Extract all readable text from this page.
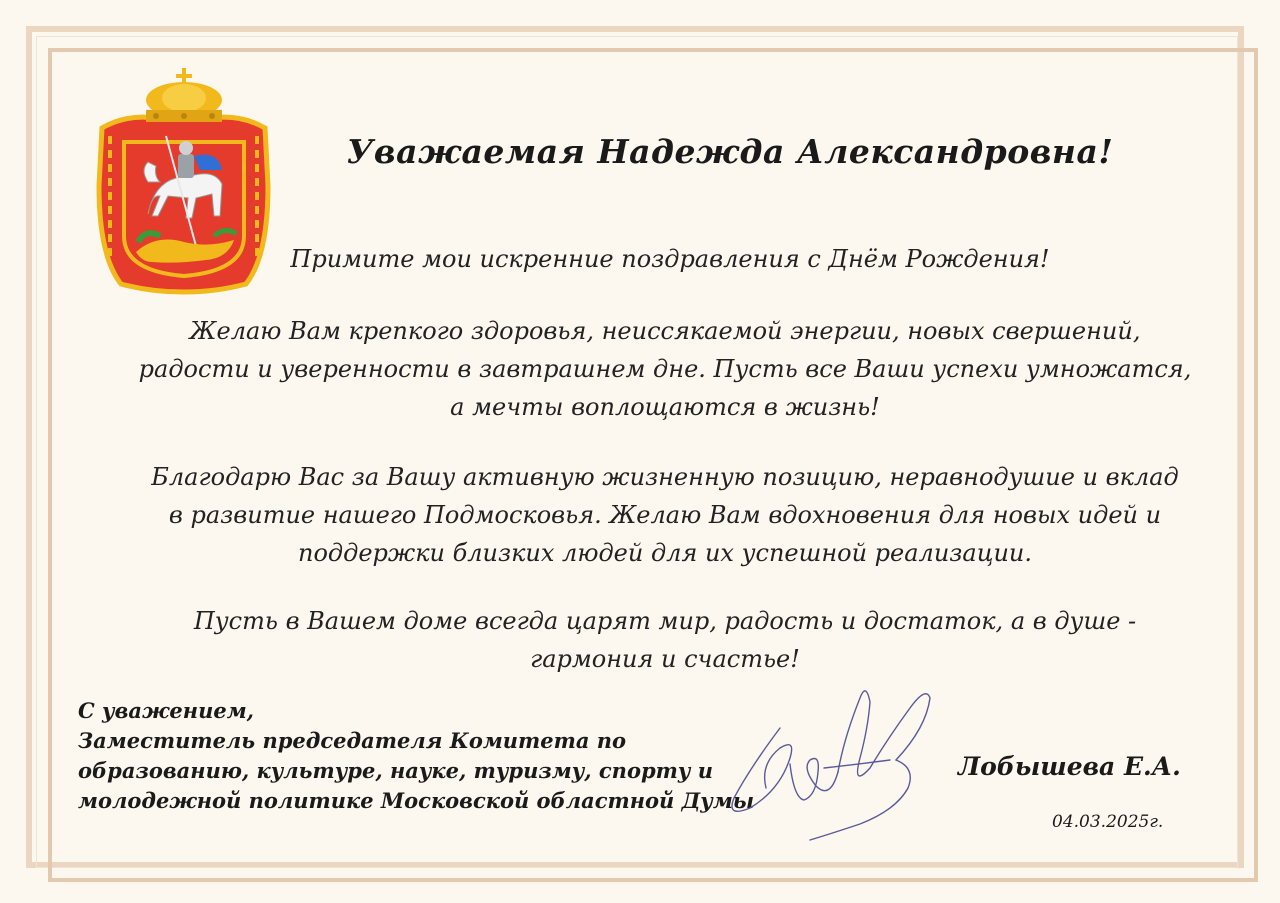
Уважаемая Надежда Александровна!
Примите мои искренние поздравления с Днём Рождения!
Желаю Вам крепкого здоровья, неиссякаемой энергии, новых свершений,
радости и уверенности в завтрашнем дне. Пусть все Ваши успехи умножатся,
а мечты воплощаются в жизнь!
Благодарю Вас за Вашу активную жизненную позицию, неравнодушие и вклад
в развитие нашего Подмосковья. Желаю Вам вдохновения для новых идей и
поддержки близких людей для их успешной реализации.
Пусть в Вашем доме всегда царят мир, радость и достаток, а в душе -
гармония и счастье!
С уважением,
Заместитель председателя Комитета по
образованию, культуре, науке, туризму, спорту и
молодежной политике Московской областной Думы
Лобышева Е.А.
04.03.2025г.
